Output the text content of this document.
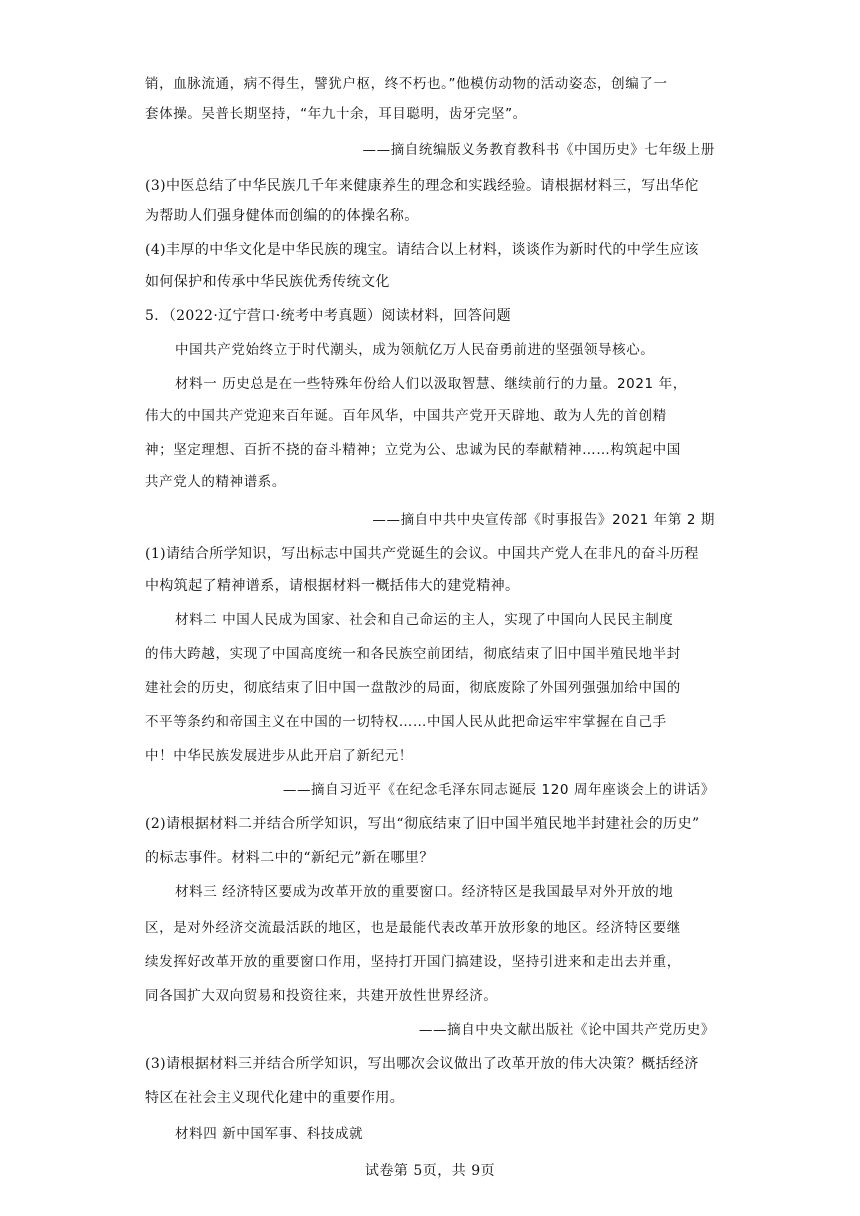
销，血脉流通，病不得生，譬犹户枢，终不朽也。”他模仿动物的活动姿态，创编了一
套体操。吴普长期坚持，“年九十余，耳目聪明，齿牙完坚”。
——摘自统编版义务教育教科书《中国历史》七年级上册
(3)中医总结了中华民族几千年来健康养生的理念和实践经验。请根据材料三，写出华佗
为帮助人们强身健体而创编的的体操名称。
(4)丰厚的中华文化是中华民族的瑰宝。请结合以上材料，谈谈作为新时代的中学生应该
如何保护和传承中华民族优秀传统文化
5．（2022·辽宁营口·统考中考真题）阅读材料，回答问题
中国共产党始终立于时代潮头，成为领航亿万人民奋勇前进的坚强领导核心。
材料一 历史总是在一些特殊年份给人们以汲取智慧、继续前行的力量。2021 年，
伟大的中国共产党迎来百年诞。百年风华，中国共产党开天辟地、敢为人先的首创精
神；坚定理想、百折不挠的奋斗精神；立党为公、忠诚为民的奉献精神……构筑起中国
共产党人的精神谱系。
——摘自中共中央宣传部《时事报告》2021 年第 2 期
(1)请结合所学知识，写出标志中国共产党诞生的会议。中国共产党人在非凡的奋斗历程
中构筑起了精神谱系，请根据材料一概括伟大的建党精神。
材料二 中国人民成为国家、社会和自己命运的主人，实现了中国向人民民主制度
的伟大跨越，实现了中国高度统一和各民族空前团结，彻底结束了旧中国半殖民地半封
建社会的历史，彻底结束了旧中国一盘散沙的局面，彻底废除了外国列强强加给中国的
不平等条约和帝国主义在中国的一切特权……中国人民从此把命运牢牢掌握在自己手
中！中华民族发展进步从此开启了新纪元！
——摘自习近平《在纪念毛泽东同志诞辰 120 周年座谈会上的讲话》
(2)请根据材料二并结合所学知识，写出“彻底结束了旧中国半殖民地半封建社会的历史”
的标志事件。材料二中的“新纪元”新在哪里？
材料三 经济特区要成为改革开放的重要窗口。经济特区是我国最早对外开放的地
区，是对外经济交流最活跃的地区，也是最能代表改革开放形象的地区。经济特区要继
续发挥好改革开放的重要窗口作用，坚持打开国门搞建设，坚持引进来和走出去并重，
同各国扩大双向贸易和投资往来，共建开放性世界经济。
——摘自中央文献出版社《论中国共产党历史》
(3)请根据材料三并结合所学知识，写出哪次会议做出了改革开放的伟大决策？概括经济
特区在社会主义现代化建中的重要作用。
材料四 新中国军事、科技成就
试卷第 5页，共 9页
